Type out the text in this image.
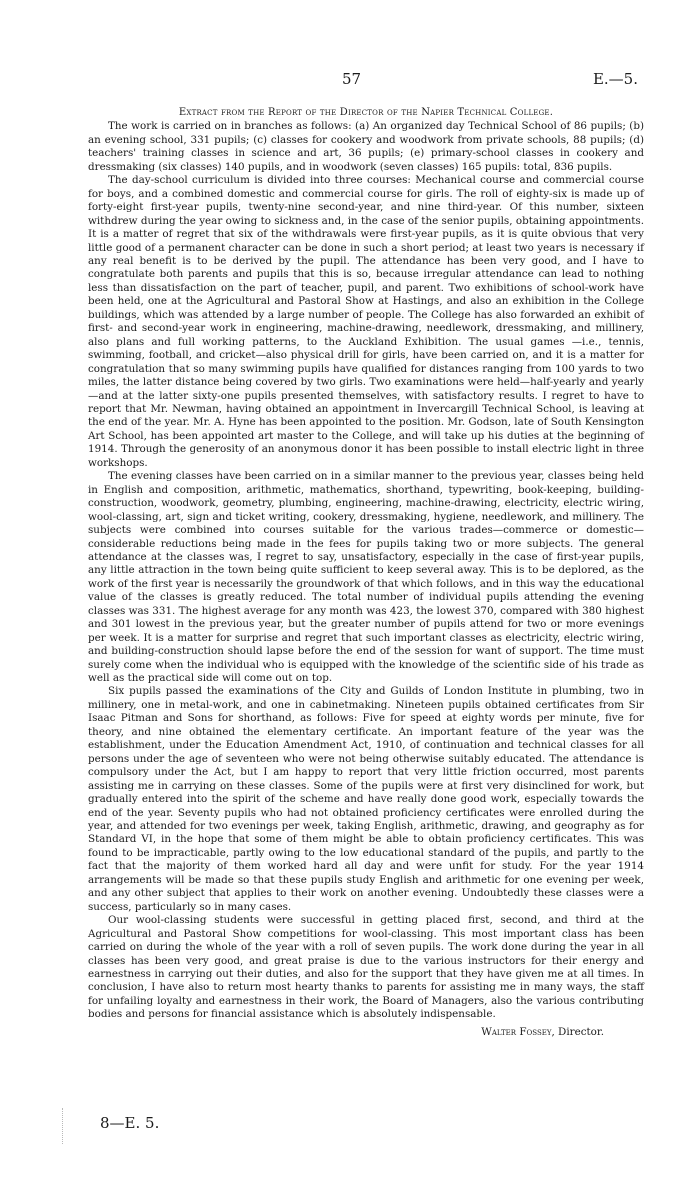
57	E.—5.

Extract from the Report of the Director of the Napier Technical College.

The work is carried on in branches as follows: (a) An organized day Technical School of 86 pupils; (b) an evening school, 331 pupils; (c) classes for cookery and woodwork from private schools, 88 pupils; (d) teachers' training classes in science and art, 36 pupils; (e) primary-school classes in cookery and dressmaking (six classes) 140 pupils, and in woodwork (seven classes) 165 pupils: total, 836 pupils.

The day-school curriculum is divided into three courses: Mechanical course and commercial course for boys, and a combined domestic and commercial course for girls. The roll of eighty-six is made up of forty-eight first-year pupils, twenty-nine second-year, and nine third-year. Of this number, sixteen withdrew during the year owing to sickness and, in the case of the senior pupils, obtaining appointments. It is a matter of regret that six of the withdrawals were first-year pupils, as it is quite obvious that very little good of a permanent character can be done in such a short period; at least two years is necessary if any real benefit is to be derived by the pupil. The attendance has been very good, and I have to congratulate both parents and pupils that this is so, because irregular attendance can lead to nothing less than dissatisfaction on the part of teacher, pupil, and parent. Two exhibitions of school-work have been held, one at the Agricultural and Pastoral Show at Hastings, and also an exhibition in the College buildings, which was attended by a large number of people. The College has also forwarded an exhibit of first- and second-year work in engineering, machine-drawing, needlework, dressmaking, and millinery, also plans and full working patterns, to the Auckland Exhibition. The usual games —i.e., tennis, swimming, football, and cricket—also physical drill for girls, have been carried on, and it is a matter for congratulation that so many swimming pupils have qualified for distances ranging from 100 yards to two miles, the latter distance being covered by two girls. Two examinations were held—half-yearly and yearly—and at the latter sixty-one pupils presented themselves, with satisfactory results. I regret to have to report that Mr. Newman, having obtained an appointment in Invercargill Technical School, is leaving at the end of the year. Mr. A. Hyne has been appointed to the position. Mr. Godson, late of South Kensington Art School, has been appointed art master to the College, and will take up his duties at the beginning of 1914. Through the generosity of an anonymous donor it has been possible to install electric light in three workshops.

The evening classes have been carried on in a similar manner to the previous year, classes being held in English and composition, arithmetic, mathematics, shorthand, typewriting, book-keeping, building-construction, woodwork, geometry, plumbing, engineering, machine-drawing, electricity, electric wiring, wool-classing, art, sign and ticket writing, cookery, dressmaking, hygiene, needlework, and millinery. The subjects were combined into courses suitable for the various trades—commerce or domestic—considerable reductions being made in the fees for pupils taking two or more subjects. The general attendance at the classes was, I regret to say, unsatisfactory, especially in the case of first-year pupils, any little attraction in the town being quite sufficient to keep several away. This is to be deplored, as the work of the first year is necessarily the groundwork of that which follows, and in this way the educational value of the classes is greatly reduced. The total number of individual pupils attending the evening classes was 331. The highest average for any month was 423, the lowest 370, compared with 380 highest and 301 lowest in the previous year, but the greater number of pupils attend for two or more evenings per week. It is a matter for surprise and regret that such important classes as electricity, electric wiring, and building-construction should lapse before the end of the session for want of support. The time must surely come when the individual who is equipped with the knowledge of the scientific side of his trade as well as the practical side will come out on top.

Six pupils passed the examinations of the City and Guilds of London Institute in plumbing, two in millinery, one in metal-work, and one in cabinetmaking. Nineteen pupils obtained certificates from Sir Isaac Pitman and Sons for shorthand, as follows: Five for speed at eighty words per minute, five for theory, and nine obtained the elementary certificate. An important feature of the year was the establishment, under the Education Amendment Act, 1910, of continuation and technical classes for all persons under the age of seventeen who were not being otherwise suitably educated. The attendance is compulsory under the Act, but I am happy to report that very little friction occurred, most parents assisting me in carrying on these classes. Some of the pupils were at first very disinclined for work, but gradually entered into the spirit of the scheme and have really done good work, especially towards the end of the year. Seventy pupils who had not obtained proficiency certificates were enrolled during the year, and attended for two evenings per week, taking English, arithmetic, drawing, and geography as for Standard VI, in the hope that some of them might be able to obtain proficiency certificates. This was found to be impracticable, partly owing to the low educational standard of the pupils, and partly to the fact that the majority of them worked hard all day and were unfit for study. For the year 1914 arrangements will be made so that these pupils study English and arithmetic for one evening per week, and any other subject that applies to their work on another evening. Undoubtedly these classes were a success, particularly so in many cases.

Our wool-classing students were successful in getting placed first, second, and third at the Agricultural and Pastoral Show competitions for wool-classing. This most important class has been carried on during the whole of the year with a roll of seven pupils. The work done during the year in all classes has been very good, and great praise is due to the various instructors for their energy and earnestness in carrying out their duties, and also for the support that they have given me at all times. In conclusion, I have also to return most hearty thanks to parents for assisting me in many ways, the staff for unfailing loyalty and earnestness in their work, the Board of Managers, also the various contributing bodies and persons for financial assistance which is absolutely indispensable.

Walter Fossey, Director.

8—E. 5.
